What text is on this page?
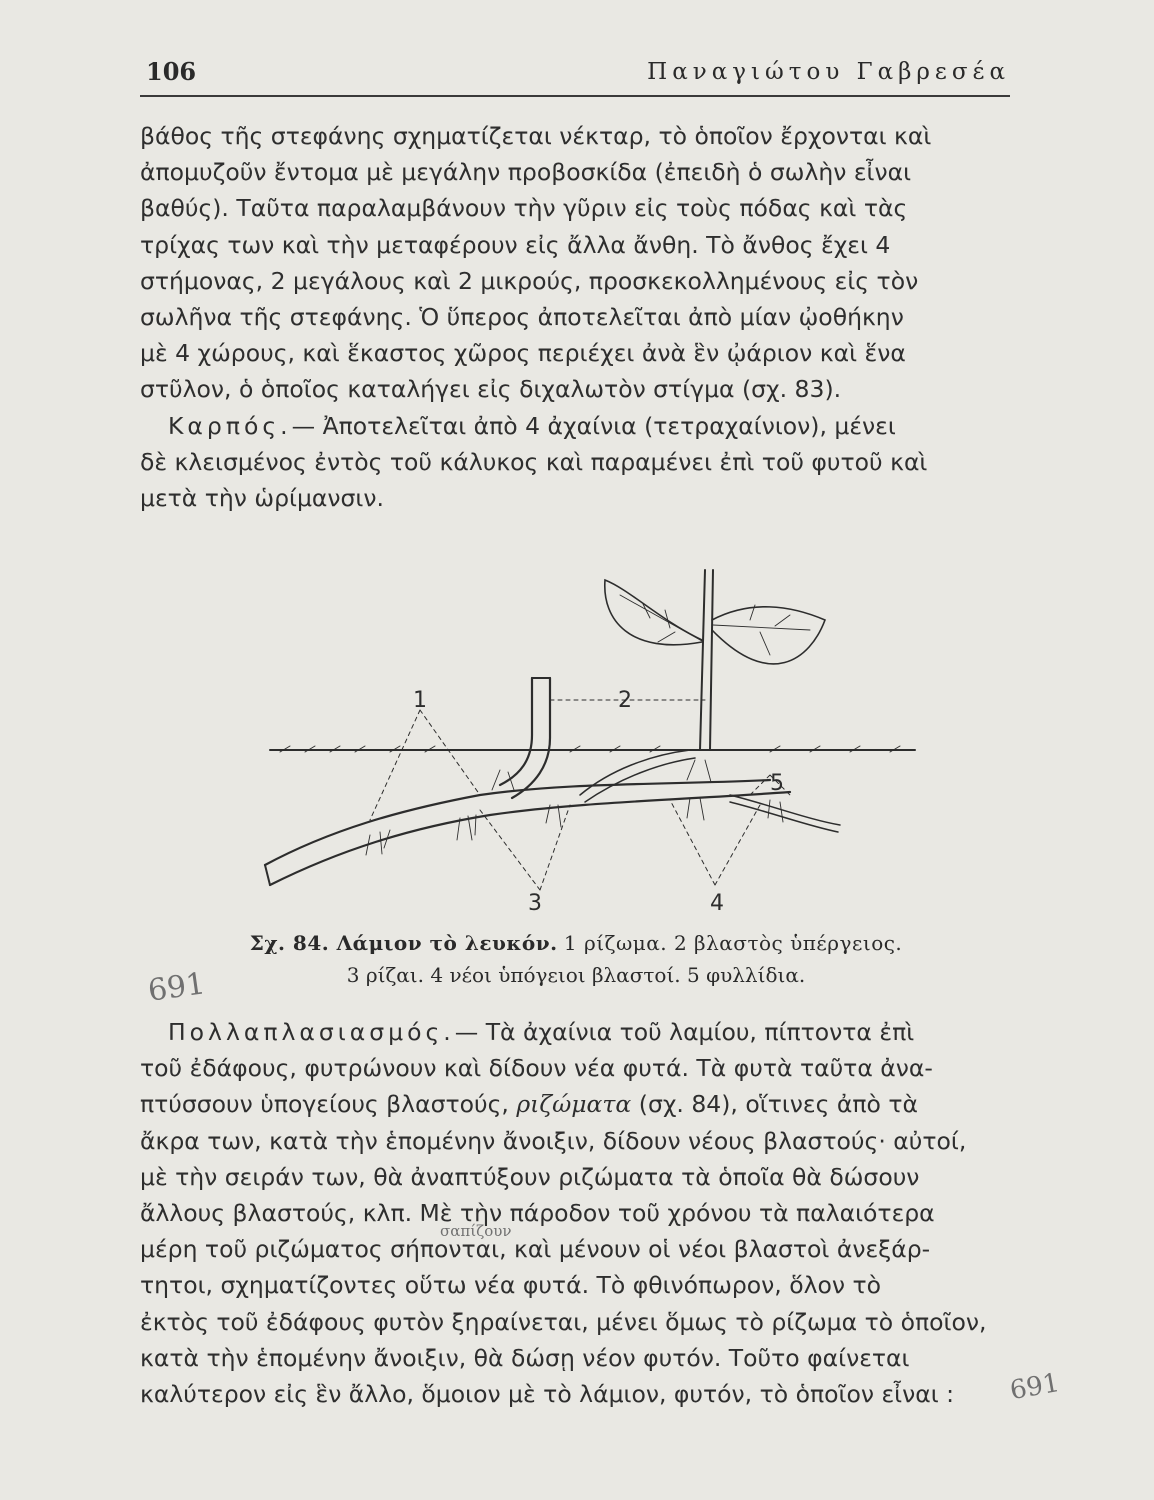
106	Παναγιώτου Γαβρεσέα

βάθος τῆς στεφάνης σχηματίζεται νέκταρ, τὸ ὁποῖον ἔρχονται καὶ

ἀπομυζοῦν ἔντομα μὲ μεγάλην προβοσκίδα (ἐπειδὴ ὁ σωλὴν εἶναι

βαθύς). Ταῦτα παραλαμβάνουν τὴν γῦριν εἰς τοὺς πόδας καὶ τὰς

τρίχας των καὶ τὴν μεταφέρουν εἰς ἄλλα ἄνθη. Τὸ ἄνθος ἔχει 4

στήμονας, 2 μεγάλους καὶ 2 μικρούς, προσκεκολλημένους εἰς τὸν

σωλῆνα τῆς στεφάνης. Ὁ ὕπερος ἀποτελεῖται ἀπὸ μίαν ᾠοθήκην

μὲ 4 χώρους, καὶ ἕκαστος χῶρος περιέχει ἀνὰ ἓν ᾠάριον καὶ ἕνα

στῦλον, ὁ ὁποῖος καταλήγει εἰς διχαλωτὸν στίγμα (σχ. 83).

Καρπός.— Ἀποτελεῖται ἀπὸ 4 ἀχαίνια (τετραχαίνιον), μένει

δὲ κλεισμένος ἐντὸς τοῦ κάλυκος καὶ παραμένει ἐπὶ τοῦ φυτοῦ καὶ

μετὰ τὴν ὡρίμανσιν.

1	2
3	4
5
Σχ. 84. Λάμιον τὸ λευκόν. 1 ρίζωμα. 2 βλαστὸς ὑπέργειος.
3 ρίζαι. 4 νέοι ὑπόγειοι βλαστοί. 5 φυλλίδια.
691

Πολλαπλασιασμός.— Τὰ ἀχαίνια τοῦ λαμίου, πίπτοντα ἐπὶ

τοῦ ἐδάφους, φυτρώνουν καὶ δίδουν νέα φυτά. Τὰ φυτὰ ταῦτα ἀνα-

πτύσσουν ὑπογείους βλαστούς, ριζώματα (σχ. 84), οἵτινες ἀπὸ τὰ

ἄκρα των, κατὰ τὴν ἑπομένην ἄνοιξιν, δίδουν νέους βλαστούς· αὐτοί,

μὲ τὴν σειράν των, θὰ ἀναπτύξουν ριζώματα τὰ ὁποῖα θὰ δώσουν

ἄλλους βλαστούς, κλπ. Μὲ τὴν πάροδον τοῦ χρόνου τὰ παλαιότερα

μέρη τοῦ ριζώματος σήπονται, καὶ μένουν οἱ νέοι βλαστοὶ ἀνεξάρ-

τητοι, σχηματίζοντες οὕτω νέα φυτά. Τὸ φθινόπωρον, ὅλον τὸ

ἐκτὸς τοῦ ἐδάφους φυτὸν ξηραίνεται, μένει ὅμως τὸ ρίζωμα τὸ ὁποῖον,

κατὰ τὴν ἑπομένην ἄνοιξιν, θὰ δώσῃ νέον φυτόν. Τοῦτο φαίνεται

καλύτερον εἰς ἓν ἄλλο, ὅμοιον μὲ τὸ λάμιον, φυτόν, τὸ ὁποῖον εἶναι :

σαπίζουν
691
